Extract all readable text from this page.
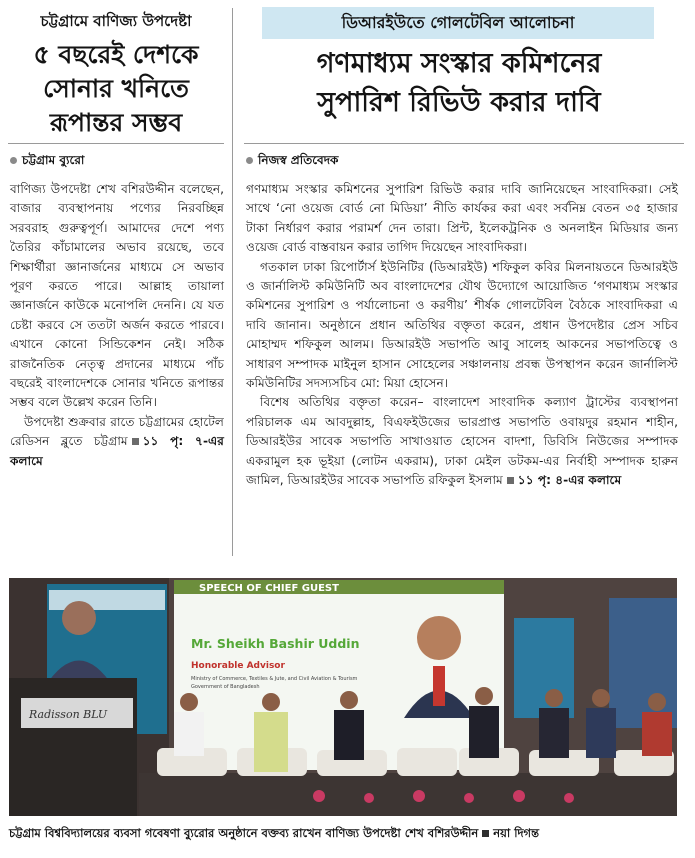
চট্টগ্রামে বাণিজ্য উপদেষ্টা
৫ বছরেই দেশকে
সোনার খনিতে
রূপান্তর সম্ভব
চট্টগ্রাম ব্যুরো

বাণিজ্য উপদেষ্টা শেখ বশিরউদ্দীন বলেছেন, বাজার ব্যবস্থাপনায় পণ্যের নিরবচ্ছিন্ন সরবরাহ গুরুত্বপূর্ণ। আমাদের দেশে পণ্য তৈরির কাঁচামালের অভাব রয়েছে, তবে শিক্ষার্থীরা জ্ঞানার্জনের মাধ্যমে সে অভাব পূরণ করতে পারে। আল্লাহ তায়ালা জ্ঞানার্জনে কাউকে মনোপলি দেননি। যে যত চেষ্টা করবে সে ততটা অর্জন করতে পারবে। এখানে কোনো সিন্ডিকেশন নেই। সঠিক রাজনৈতিক নেতৃত্ব প্রদানের মাধ্যমে পাঁচ বছরেই বাংলাদেশকে সোনার খনিতে রূপান্তর সম্ভব বলে উল্লেখ করেন তিনি।

উপদেষ্টা শুক্রবার রাতে চট্টগ্রামের হোটেল রেডিসন ব্লুতে চট্টগ্রাম ১১ পৃ: ৭-এর কলামে

ডিআরইউতে গোলটেবিল আলোচনা
গণমাধ্যম সংস্কার কমিশনের
সুপারিশ রিভিউ করার দাবি
নিজস্ব প্রতিবেদক

গণমাধ্যম সংস্কার কমিশনের সুপারিশ রিভিউ করার দাবি জানিয়েছেন সাংবাদিকরা। সেই সাথে ‘নো ওয়েজ বোর্ড নো মিডিয়া’ নীতি কার্যকর করা এবং সর্বনিম্ন বেতন ৩৫ হাজার টাকা নির্ধারণ করার পরামর্শ দেন তারা। প্রিন্ট, ইলেকট্রনিক ও অনলাইন মিডিয়ার জন্য ওয়েজ বোর্ড বাস্তবায়ন করার তাগিদ দিয়েছেন সাংবাদিকরা।

গতকাল ঢাকা রিপোর্টার্স ইউনিটির (ডিআরইউ) শফিকুল কবির মিলনায়তনে ডিআরইউ ও জার্নালিস্ট কমিউনিটি অব বাংলাদেশের যৌথ উদ্যোগে আয়োজিত ‘গণমাধ্যম সংস্কার কমিশনের সুপারিশ ও পর্যালোচনা ও করণীয়’ শীর্ষক গোলটেবিল বৈঠকে সাংবাদিকরা এ দাবি জানান। অনুষ্ঠানে প্রধান অতিথির বক্তৃতা করেন, প্রধান উপদেষ্টার প্রেস সচিব মোহাম্মদ শফিকুল আলম। ডিআরইউ সভাপতি আবু সালেহ আকনের সভাপতিত্বে ও সাধারণ সম্পাদক মাইনুল হাসান সোহেলের সঞ্চালনায় প্রবন্ধ উপস্থাপন করেন জার্নালিস্ট কমিউনিটির সদস্যসচিব মো: মিয়া হোসেন।

বিশেষ অতিথির বক্তৃতা করেন– বাংলাদেশ সাংবাদিক কল্যাণ ট্রাস্টের ব্যবস্থাপনা পরিচালক এম আবদুল্লাহ, বিএফইউজের ভারপ্রাপ্ত সভাপতি ওবায়দুর রহমান শাহীন, ডিআরইউর সাবেক সভাপতি সাখাওয়াত হোসেন বাদশা, ডিবিসি নিউজের সম্পাদক একরামুল হক ভূইয়া (লোটন একরাম), ঢাকা মেইল ডটকম-এর নির্বাহী সম্পাদক হারুন জামিল, ডিআরইউর সাবেক সভাপতি রফিকুল ইসলাম ১১ পৃ: ৪-এর কলামে

SPEECH OF CHIEF GUEST
Mr. Sheikh Bashir Uddin
Honorable Advisor
Ministry of Commerce, Textiles & Jute, and Civil Aviation & Tourism
Government of Bangladesh
Radisson BLU
চট্টগ্রাম বিশ্ববিদ্যালয়ের ব্যবসা গবেষণা ব্যুরোর অনুষ্ঠানে বক্তব্য রাখেন বাণিজ্য উপদেষ্টা শেখ বশিরউদ্দীন নয়া দিগন্ত
